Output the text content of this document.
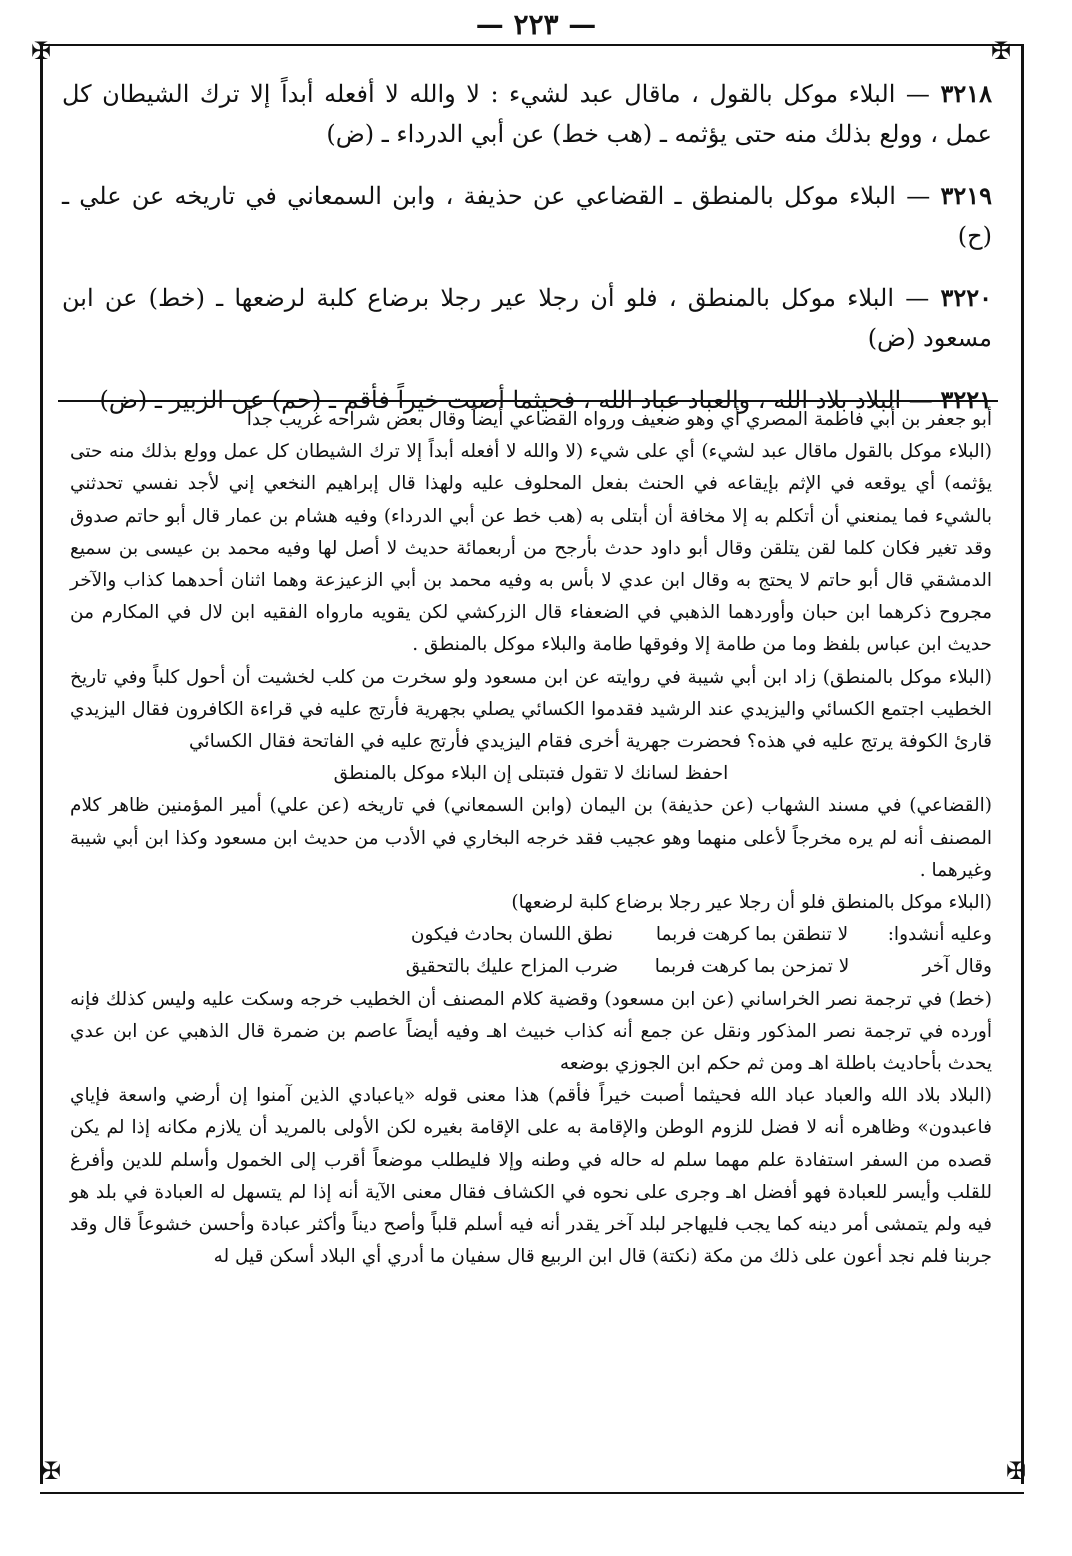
— ٢٢٣ —
✠	✠
✠	✠

٣٢١٨ — البلاء موكل بالقول ، ماقال عبد لشيء : لا والله لا أفعله أبداً إلا ترك الشيطان كل عمل ، وولع بذلك منه حتى يؤثمه ـ (هب خط) عن أبي الدرداء ـ (ض)

٣٢١٩ — البلاء موكل بالمنطق ـ القضاعي عن حذيفة ، وابن السمعاني في تاريخه عن علي ـ (ح)

٣٢٢٠ — البلاء موكل بالمنطق ، فلو أن رجلا عير رجلا برضاع كلبة لرضعها ـ (خط) عن ابن مسعود (ض)

٣٢٢١ — البلاد بلاد الله ، والعباد عباد الله ، فحيثما أصبت خيراً فأقم ـ (حم) عن الزبير ـ (ض)

أبو جعفر بن أبي فاطمة المصري أي وهو ضعيف ورواه القضاعي أيضاً وقال بعض شراحه غريب جداً

(البلاء موكل بالقول ماقال عبد لشيء) أي على شيء (لا والله لا أفعله أبداً إلا ترك الشيطان كل عمل وولع بذلك منه حتى يؤثمه) أي يوقعه في الإثم بإيقاعه في الحنث بفعل المحلوف عليه ولهذا قال إبراهيم النخعي إني لأجد نفسي تحدثني بالشيء فما يمنعني أن أتكلم به إلا مخافة أن أبتلى به (هب خط عن أبي الدرداء) وفيه هشام بن عمار قال أبو حاتم صدوق وقد تغير فكان كلما لقن يتلقن وقال أبو داود حدث بأرجح من أربعمائة حديث لا أصل لها وفيه محمد بن عيسى بن سميع الدمشقي قال أبو حاتم لا يحتج به وقال ابن عدي لا بأس به وفيه محمد بن أبي الزعيزعة وهما اثنان أحدهما كذاب والآخر مجروح ذكرهما ابن حبان وأوردهما الذهبي في الضعفاء قال الزركشي لكن يقويه مارواه الفقيه ابن لال في المكارم من حديث ابن عباس بلفظ وما من طامة إلا وفوقها طامة والبلاء موكل بالمنطق .

(البلاء موكل بالمنطق) زاد ابن أبي شيبة في روايته عن ابن مسعود ولو سخرت من كلب لخشيت أن أحول كلباً وفي تاريخ الخطيب اجتمع الكسائي واليزيدي عند الرشيد فقدموا الكسائي يصلي بجهرية فأرتج عليه في قراءة الكافرون فقال اليزيدي قارئ الكوفة يرتج عليه في هذه؟ فحضرت جهرية أخرى فقام اليزيدي فأرتج عليه في الفاتحة فقال الكسائي

احفظ لسانك لا تقول فتبتلى إن البلاء موكل بالمنطق

(القضاعي) في مسند الشهاب (عن حذيفة) بن اليمان (وابن السمعاني) في تاريخه (عن علي) أمير المؤمنين ظاهر كلام المصنف أنه لم يره مخرجاً لأعلى منهما وهو عجيب فقد خرجه البخاري في الأدب من حديث ابن مسعود وكذا ابن أبي شيبة وغيرهما .

(البلاء موكل بالمنطق فلو أن رجلا عير رجلا برضاع كلبة لرضعها)

وعليه أنشدوا:
لا تنطقن بما كرهت فربما
نطق اللسان بحادث فيكون
وقال آخر
لا تمزحن بما كرهت فربما
ضرب المزاح عليك بالتحقيق

(خط) في ترجمة نصر الخراساني (عن ابن مسعود) وقضية كلام المصنف أن الخطيب خرجه وسكت عليه وليس كذلك فإنه أورده في ترجمة نصر المذكور ونقل عن جمع أنه كذاب خبيث اهـ وفيه أيضاً عاصم بن ضمرة قال الذهبي عن ابن عدي يحدث بأحاديث باطلة اهـ ومن ثم حكم ابن الجوزي بوضعه

(البلاد بلاد الله والعباد عباد الله فحيثما أصبت خيراً فأقم) هذا معنى قوله «ياعبادي الذين آمنوا إن أرضي واسعة فإياي فاعبدون» وظاهره أنه لا فضل للزوم الوطن والإقامة به على الإقامة بغيره لكن الأولى بالمريد أن يلازم مكانه إذا لم يكن قصده من السفر استفادة علم مهما سلم له حاله في وطنه وإلا فليطلب موضعاً أقرب إلى الخمول وأسلم للدين وأفرغ للقلب وأيسر للعبادة فهو أفضل اهـ وجرى على نحوه في الكشاف فقال معنى الآية أنه إذا لم يتسهل له العبادة في بلد هو فيه ولم يتمشى أمر دينه كما يجب فليهاجر لبلد آخر يقدر أنه فيه أسلم قلباً وأصح ديناً وأكثر عبادة وأحسن خشوعاً قال وقد جربنا فلم نجد أعون على ذلك من مكة (نكتة) قال ابن الربيع قال سفيان ما أدري أي البلاد أسكن قيل له
